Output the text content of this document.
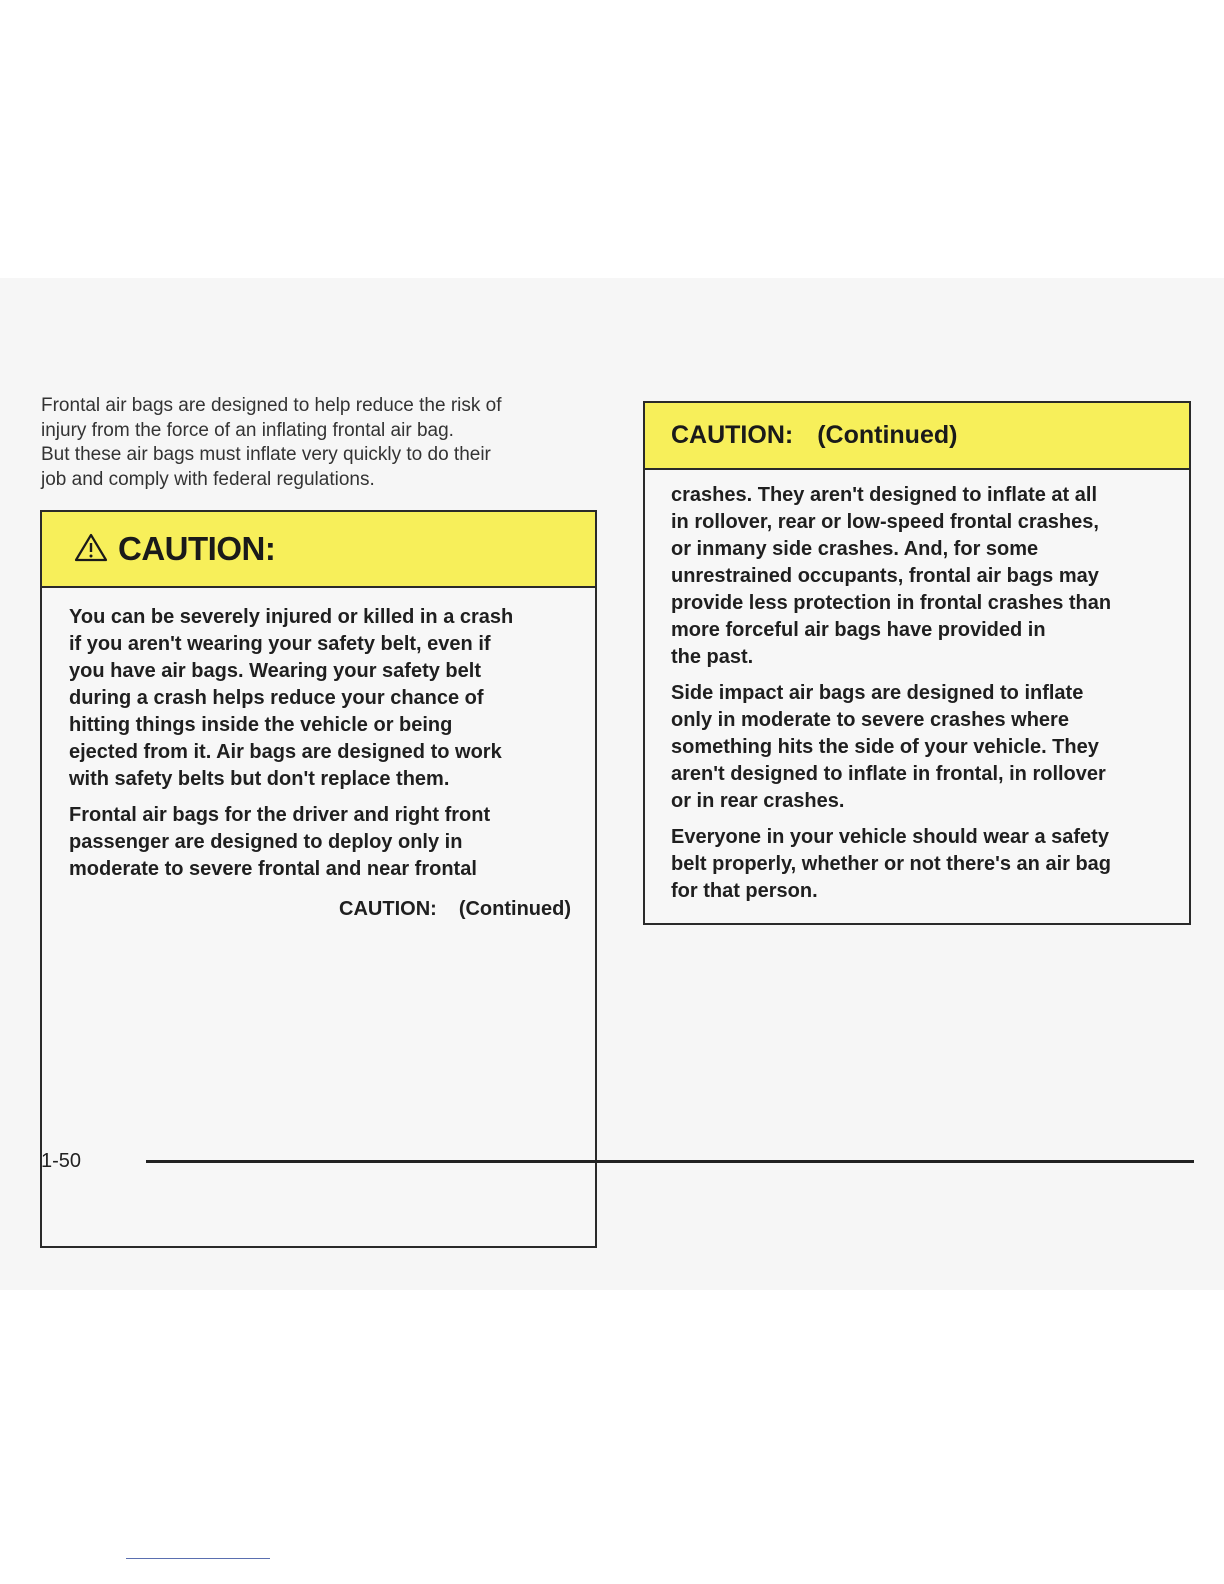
Frontal air bags are designed to help reduce the risk of
injury from the force of an inflating frontal air bag.
But these air bags must inflate very quickly to do their
job and comply with federal regulations.

CAUTION:

You can be severely injured or killed in a crash
if you aren't wearing your safety belt, even if
you have air bags. Wearing your safety belt
during a crash helps reduce your chance of
hitting things inside the vehicle or being
ejected from it. Air bags are designed to work
with safety belts but don't replace them.

Frontal air bags for the driver and right front
passenger are designed to deploy only in
moderate to severe frontal and near frontal

CAUTION: (Continued)
CAUTION: (Continued)

crashes. They aren't designed to inflate at all
in rollover, rear or low-speed frontal crashes,
or inmany side crashes. And, for some
unrestrained occupants, frontal air bags may
provide less protection in frontal crashes than
more forceful air bags have provided in
the past.

Side impact air bags are designed to inflate
only in moderate to severe crashes where
something hits the side of your vehicle. They
aren't designed to inflate in frontal, in rollover
or in rear crashes.

Everyone in your vehicle should wear a safety
belt properly, whether or not there's an air bag
for that person.

1-50
